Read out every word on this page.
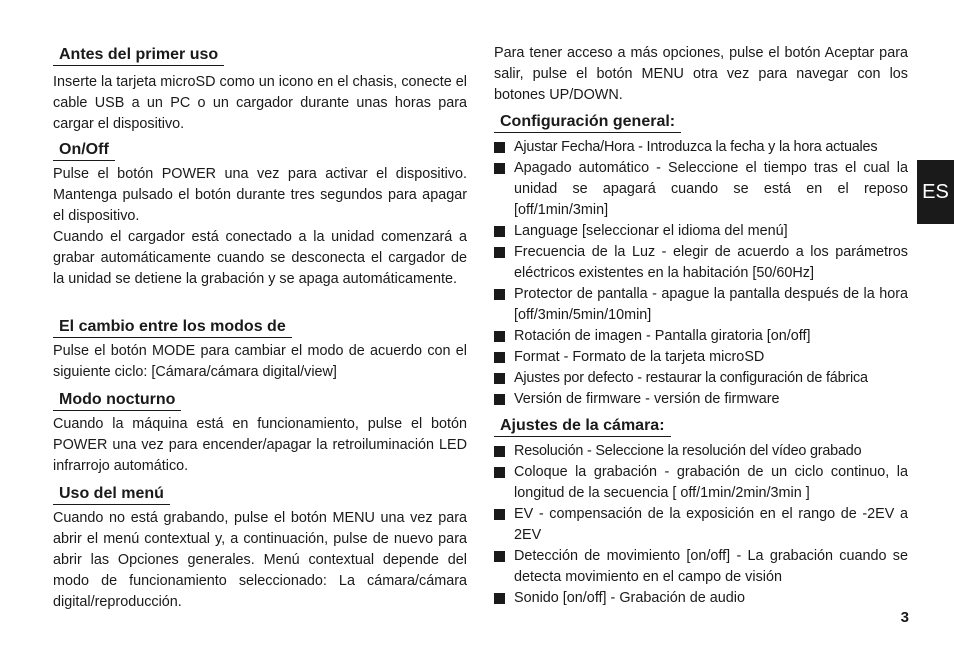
Antes del primer uso

Inserte la tarjeta microSD como un icono en el chasis, conecte el cable USB a un PC o un cargador durante unas horas para cargar el dispositivo.

On/Off

Pulse el botón POWER una vez para activar el dispositivo. Mantenga pulsado el botón durante tres segundos para apagar el dispositivo.

Cuando el cargador está conectado a la unidad comenzará a grabar automáticamente cuando se desconecta el cargador de la unidad se detiene la grabación y se apaga automáticamente.

El cambio entre los modos de

Pulse el botón MODE para cambiar el modo de acuerdo con el siguiente ciclo: [Cámara/cámara digital/view]

Modo nocturno

Cuando la máquina está en funcionamiento, pulse el botón POWER una vez para encender/apagar la retroiluminación LED infrarrojo automático.

Uso del menú

Cuando no está grabando, pulse el botón MENU una vez para abrir el menú contextual y, a continuación, pulse de nuevo para abrir las Opciones generales. Menú contextual depende del modo de funcionamiento seleccionado: La cámara/cámara digital/reproducción.

Para tener acceso a más opciones, pulse el botón Aceptar para salir, pulse el botón MENU otra vez para navegar con los botones UP/DOWN.

Configuración general:
Ajustar Fecha/Hora - Introduzca la fecha y la hora actuales
Apagado automático - Seleccione el tiempo tras el cual la unidad se apagará cuando se está en el reposo [off/1min/3min]
Language [seleccionar el idioma del menú]
Frecuencia de la Luz - elegir de acuerdo a los parámetros eléctricos existentes en la habitación [50/60Hz]
Protector de pantalla - apague la pantalla después de la hora [off/3min/5min/10min]
Rotación de imagen - Pantalla giratoria [on/off]
Format - Formato de la tarjeta microSD
Ajustes por defecto - restaurar la configuración de fábrica
Versión de firmware - versión de firmware
Ajustes de la cámara:
Resolución - Seleccione la resolución del vídeo grabado
Coloque la grabación - grabación de un ciclo continuo, la longitud de la secuencia [ off/1min/2min/3min ]
EV - compensación de la exposición en el rango de -2EV a 2EV
Detección de movimiento [on/off] - La grabación cuando se detecta movimiento en el campo de visión
Sonido [on/off] - Grabación de audio
ES
3
